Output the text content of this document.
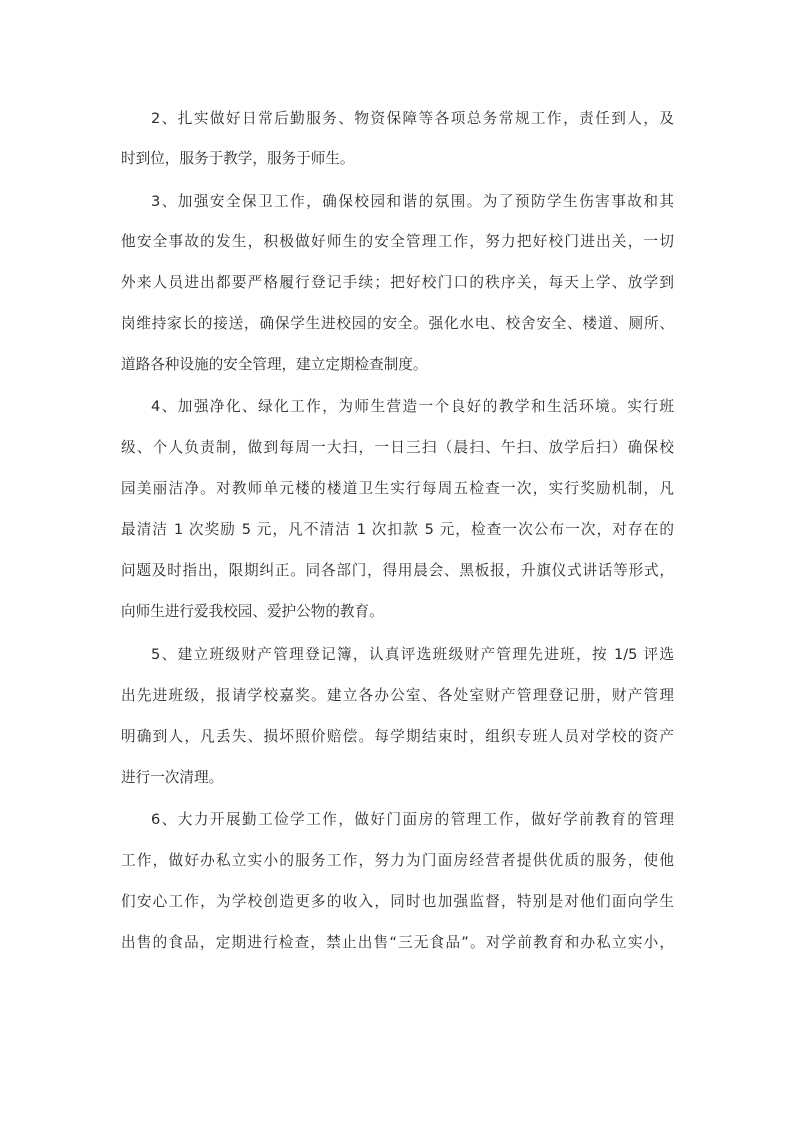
2、扎实做好日常后勤服务、物资保障等各项总务常规工作，责任到人，及
时到位，服务于教学，服务于师生。
3、加强安全保卫工作，确保校园和谐的氛围。为了预防学生伤害事故和其
他安全事故的发生，积极做好师生的安全管理工作，努力把好校门进出关，一切
外来人员进出都要严格履行登记手续；把好校门口的秩序关，每天上学、放学到
岗维持家长的接送，确保学生进校园的安全。强化水电、校舍安全、楼道、厕所、
道路各种设施的安全管理，建立定期检查制度。
4、加强净化、绿化工作，为师生营造一个良好的教学和生活环境。实行班
级、个人负责制，做到每周一大扫，一日三扫（晨扫、午扫、放学后扫）确保校
园美丽洁净。对教师单元楼的楼道卫生实行每周五检查一次，实行奖励机制，凡
最清洁 1 次奖励 5 元，凡不清洁 1 次扣款 5 元，检查一次公布一次，对存在的
问题及时指出，限期纠正。同各部门，得用晨会、黑板报，升旗仪式讲话等形式，
向师生进行爱我校园、爱护公物的教育。
5、建立班级财产管理登记簿，认真评选班级财产管理先进班，按 1/5 评选
出先进班级，报请学校嘉奖。建立各办公室、各处室财产管理登记册，财产管理
明确到人，凡丢失、损坏照价赔偿。每学期结束时，组织专班人员对学校的资产
进行一次清理。
6、大力开展勤工俭学工作，做好门面房的管理工作，做好学前教育的管理
工作，做好办私立实小的服务工作，努力为门面房经营者提供优质的服务，使他
们安心工作，为学校创造更多的收入，同时也加强监督，特别是对他们面向学生
出售的食品，定期进行检查，禁止出售“三无食品”。对学前教育和办私立实小，
